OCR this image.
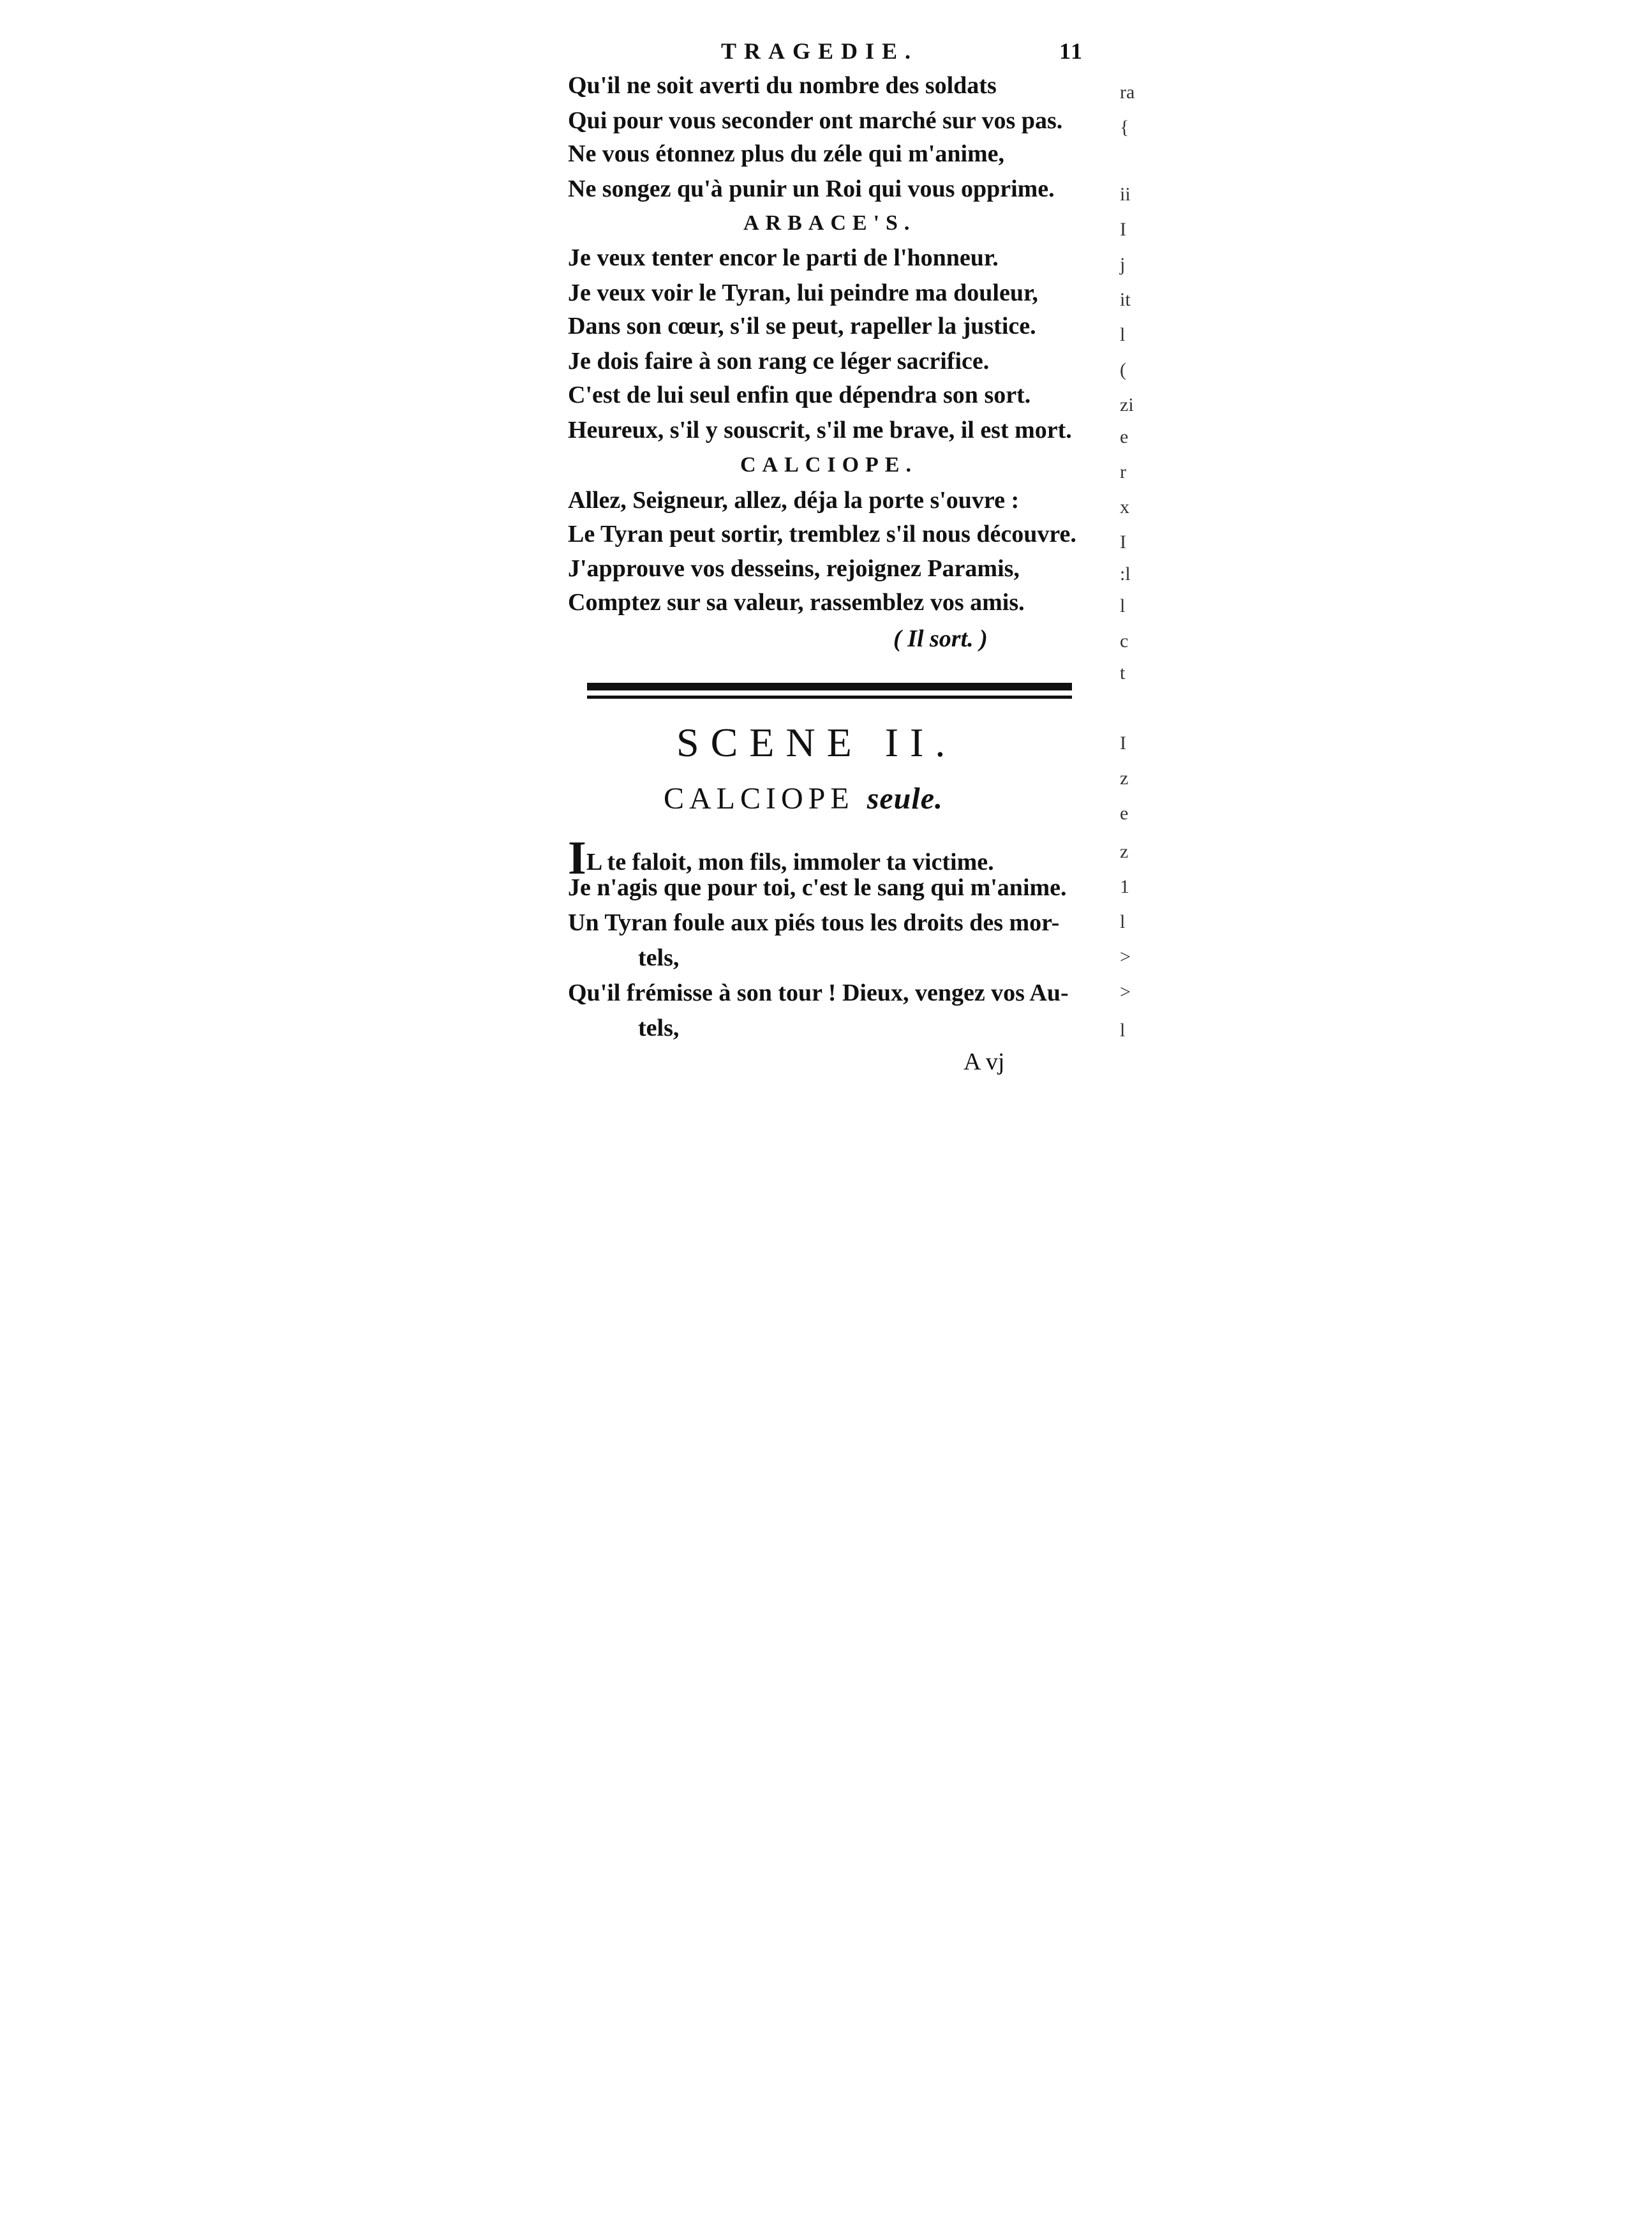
TRAGEDIE.	11
Qu'il ne soit averti du nombre des soldats
Qui pour vous seconder ont marché sur vos pas.
Ne vous étonnez plus du zéle qui m'anime,
Ne songez qu'à punir un Roi qui vous opprime.
ARBACE'S.
Je veux tenter encor le parti de l'honneur.
Je veux voir le Tyran, lui peindre ma douleur,
Dans son cœur, s'il se peut, rapeller la justice.
Je dois faire à son rang ce léger sacrifice.
C'est de lui seul enfin que dépendra son sort.
Heureux, s'il y souscrit, s'il me brave, il est mort.
CALCIOPE.
Allez, Seigneur, allez, déja la porte s'ouvre :
Le Tyran peut sortir, tremblez s'il nous découvre.
J'approuve vos desseins, rejoignez Paramis,
Comptez sur sa valeur, rassemblez vos amis.
( Il sort. )
SCENE II.
CALCIOPE seule.
IL te faloit, mon fils, immoler ta victime.
Je n'agis que pour toi, c'est le sang qui m'anime.
Un Tyran foule aux piés tous les droits des mor-
tels,
Qu'il frémisse à son tour ! Dieux, vengez vos Au-
tels,
A vj
ra
{
ii
I
j
it
l
(
zi
e
r
x
I
:l
l
c
t
I
z
e
z
1
l
>
>
l
